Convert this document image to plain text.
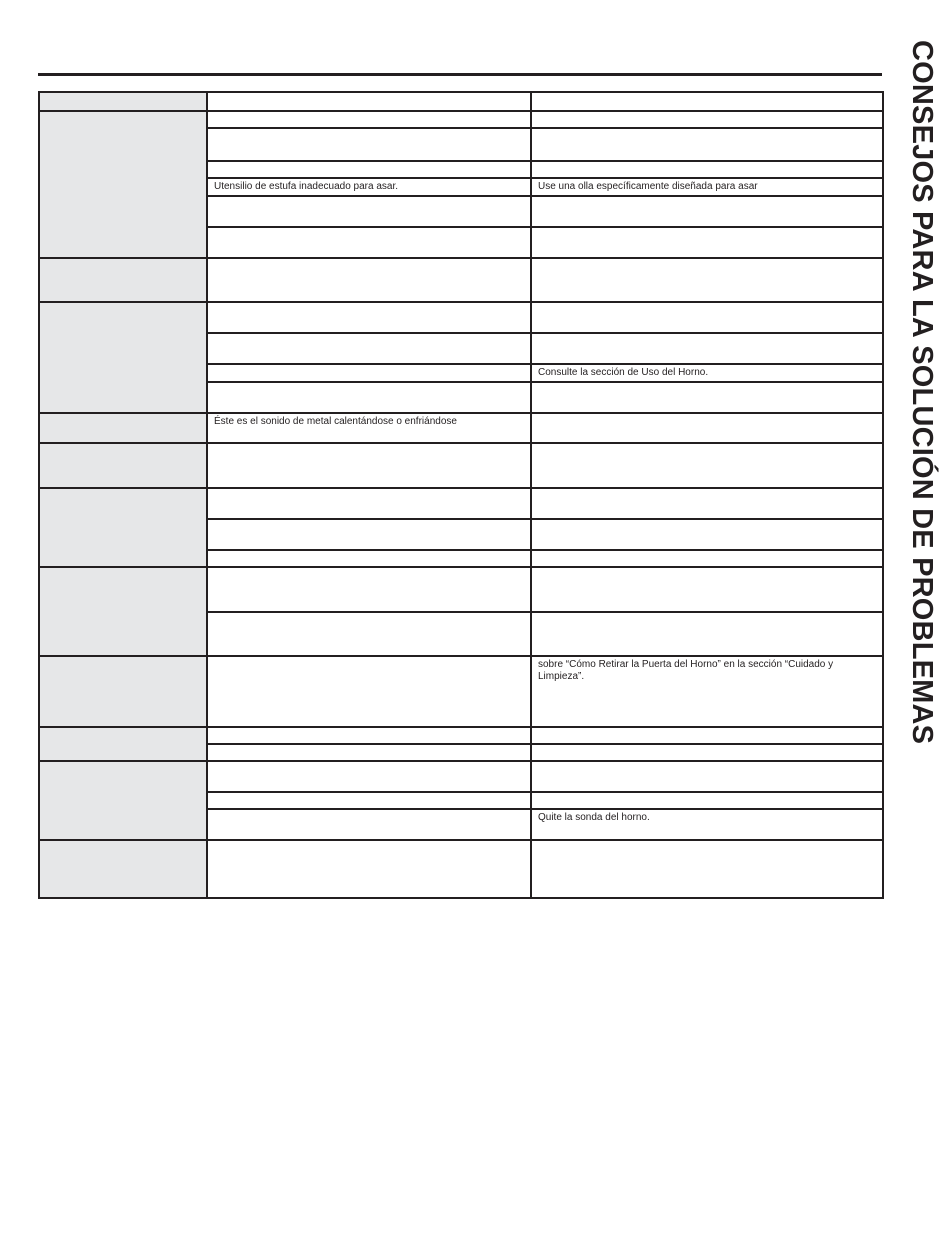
CONSEJOS PARA LA SOLUCIÓN DE PROBLEMAS

	Utensilio de estufa inadecuado para asar.	Use una olla específicamente diseñada para asar

		Consulte la sección de Uso del Horno.

	Éste es el sonido de metal calentándose o enfriándose	

		sobre “Cómo Retirar la Puerta del Horno” en la sección “Cuidado y Limpieza”.

		Quite la sonda del horno.
